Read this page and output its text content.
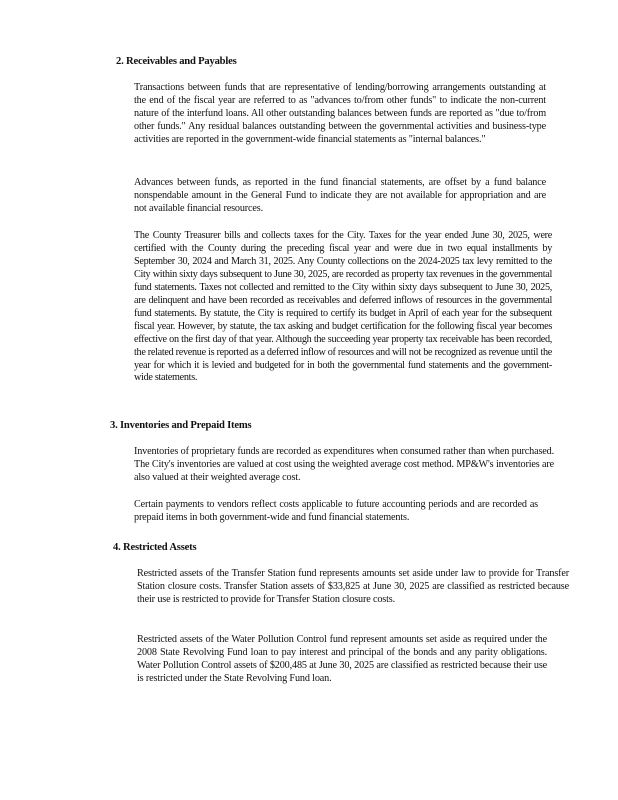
2. Receivables and Payables
Transactions between funds that are representative of lending/borrowing arrangements outstanding at the end of the fiscal year are referred to as "advances to/from other funds" to indicate the non-current nature of the interfund loans. All other outstanding balances between funds are reported as "due to/from other funds." Any residual balances outstanding between the governmental activities and business-type activities are reported in the government-wide financial statements as "internal balances."
Advances between funds, as reported in the fund financial statements, are offset by a fund balance nonspendable amount in the General Fund to indicate they are not available for appropriation and are not available financial resources.
The County Treasurer bills and collects taxes for the City. Taxes for the year ended June 30, 2025, were certified with the County during the preceding fiscal year and were due in two equal installments by September 30, 2024 and March 31, 2025. Any County collections on the 2024-2025 tax levy remitted to the City within sixty days subsequent to June 30, 2025, are recorded as property tax revenues in the governmental fund statements. Taxes not collected and remitted to the City within sixty days subsequent to June 30, 2025, are delinquent and have been recorded as receivables and deferred inflows of resources in the governmental fund statements. By statute, the City is required to certify its budget in April of each year for the subsequent fiscal year. However, by statute, the tax asking and budget certification for the following fiscal year becomes effective on the first day of that year. Although the succeeding year property tax receivable has been recorded, the related revenue is reported as a deferred inflow of resources and will not be recognized as revenue until the year for which it is levied and budgeted for in both the governmental fund statements and the government-wide statements.
3. Inventories and Prepaid Items
Inventories of proprietary funds are recorded as expenditures when consumed rather than when purchased. The City's inventories are valued at cost using the weighted average cost method. MP&W's inventories are also valued at their weighted average cost.
Certain payments to vendors reflect costs applicable to future accounting periods and are recorded as prepaid items in both government-wide and fund financial statements.
4. Restricted Assets
Restricted assets of the Transfer Station fund represents amounts set aside under law to provide for Transfer Station closure costs. Transfer Station assets of $33,825 at June 30, 2025 are classified as restricted because their use is restricted to provide for Transfer Station closure costs.
Restricted assets of the Water Pollution Control fund represent amounts set aside as required under the 2008 State Revolving Fund loan to pay interest and principal of the bonds and any parity obligations. Water Pollution Control assets of $200,485 at June 30, 2025 are classified as restricted because their use is restricted under the State Revolving Fund loan.
